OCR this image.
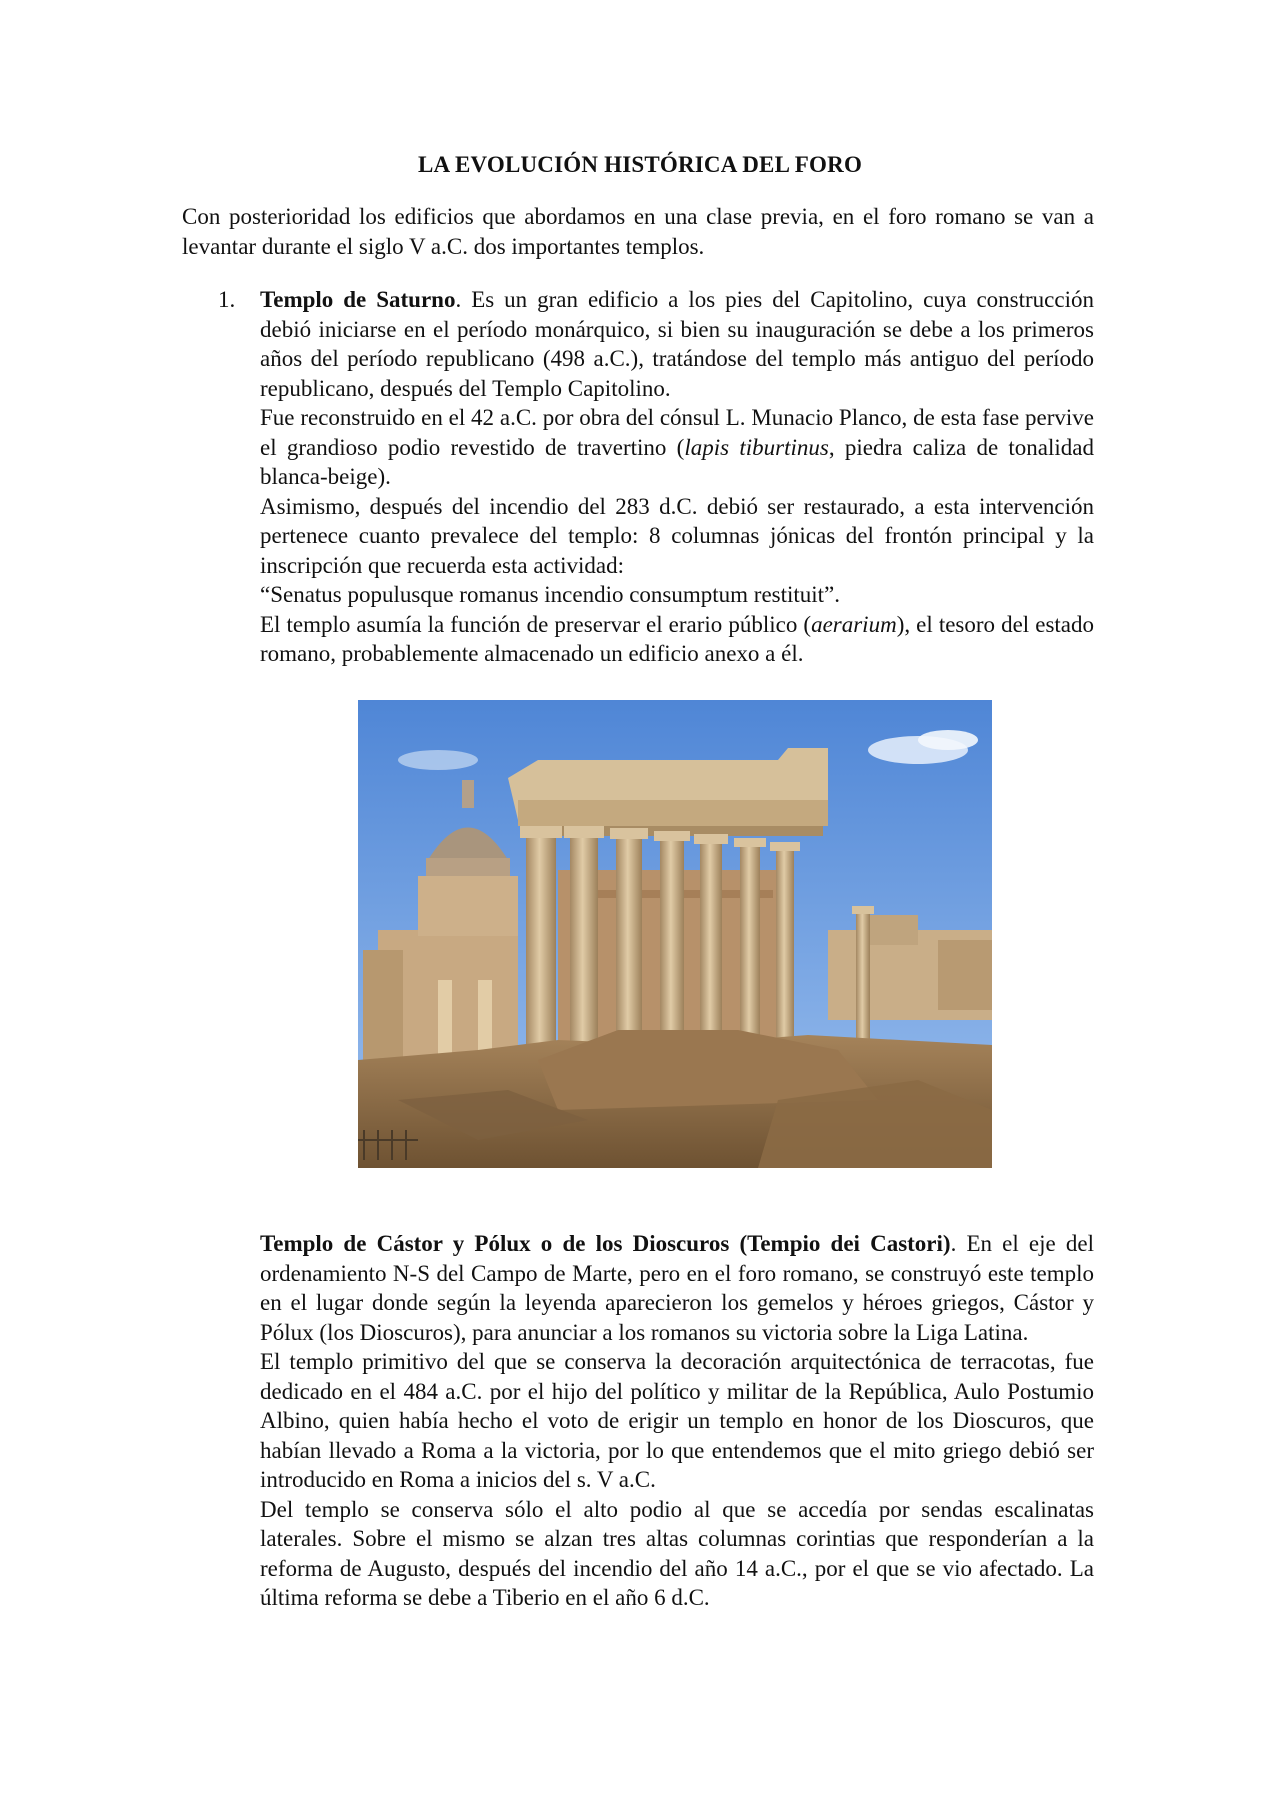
LA EVOLUCIÓN HISTÓRICA DEL FORO
Con posterioridad los edificios que abordamos en una clase previa, en el foro romano se van a levantar durante el siglo V a.C. dos importantes templos.
1. Templo de Saturno. Es un gran edificio a los pies del Capitolino, cuya construcción debió iniciarse en el período monárquico, si bien su inauguración se debe a los primeros años del período republicano (498 a.C.), tratándose del templo más antiguo del período republicano, después del Templo Capitolino.

Fue reconstruido en el 42 a.C. por obra del cónsul L. Munacio Planco, de esta fase pervive el grandioso podio revestido de travertino (lapis tiburtinus, piedra caliza de tonalidad blanca-beige).

Asimismo, después del incendio del 283 d.C. debió ser restaurado, a esta intervención pertenece cuanto prevalece del templo: 8 columnas jónicas del frontón principal y la inscripción que recuerda esta actividad:

“Senatus populusque romanus incendio consumptum restituit”.

El templo asumía la función de preservar el erario público (aerarium), el tesoro del estado romano, probablemente almacenado un edificio anexo a él.

Templo de Cástor y Pólux o de los Dioscuros (Tempio dei Castori). En el eje del ordenamiento N-S del Campo de Marte, pero en el foro romano, se construyó este templo en el lugar donde según la leyenda aparecieron los gemelos y héroes griegos, Cástor y Pólux (los Dioscuros), para anunciar a los romanos su victoria sobre la Liga Latina.

El templo primitivo del que se conserva la decoración arquitectónica de terracotas, fue dedicado en el 484 a.C. por el hijo del político y militar de la República, Aulo Postumio Albino, quien había hecho el voto de erigir un templo en honor de los Dioscuros, que habían llevado a Roma a la victoria, por lo que entendemos que el mito griego debió ser introducido en Roma a inicios del s. V a.C.

Del templo se conserva sólo el alto podio al que se accedía por sendas escalinatas laterales. Sobre el mismo se alzan tres altas columnas corintias que responderían a la reforma de Augusto, después del incendio del año 14 a.C., por el que se vio afectado. La última reforma se debe a Tiberio en el año 6 d.C.
